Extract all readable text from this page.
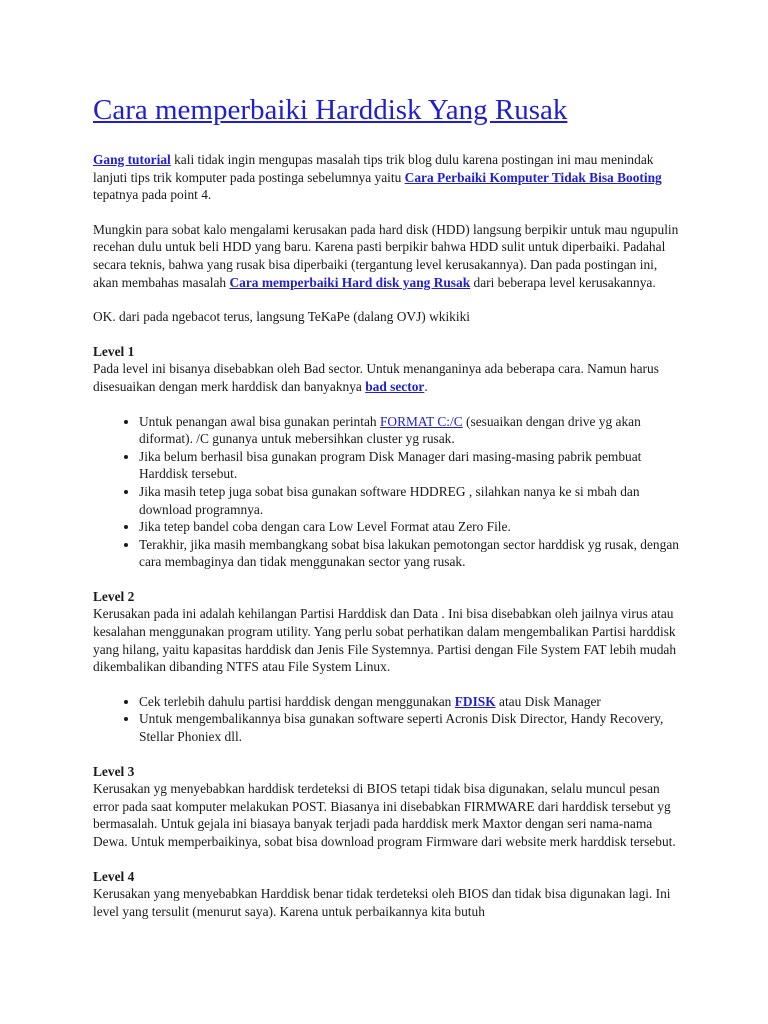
Cara memperbaiki Harddisk Yang Rusak

Gang tutorial kali tidak ingin mengupas masalah tips trik blog dulu karena postingan ini mau menindak lanjuti tips trik komputer pada postinga sebelumnya yaitu Cara Perbaiki Komputer Tidak Bisa Booting tepatnya pada point 4.

Mungkin para sobat kalo mengalami kerusakan pada hard disk (HDD) langsung berpikir untuk mau ngupulin recehan dulu untuk beli HDD yang baru. Karena pasti berpikir bahwa HDD sulit untuk diperbaiki. Padahal secara teknis, bahwa yang rusak bisa diperbaiki (tergantung level kerusakannya). Dan pada postingan ini, akan membahas masalah Cara memperbaiki Hard disk yang Rusak dari beberapa level kerusakannya.

OK. dari pada ngebacot terus, langsung TeKaPe (dalang OVJ) wkikiki

Level 1
Pada level ini bisanya disebabkan oleh Bad sector. Untuk menanganinya ada beberapa cara. Namun harus disesuaikan dengan merk harddisk dan banyaknya bad sector.

• Untuk penangan awal bisa gunakan perintah FORMAT C:/C (sesuaikan dengan drive yg akan diformat). /C gunanya untuk mebersihkan cluster yg rusak.
• Jika belum berhasil bisa gunakan program Disk Manager dari masing-masing pabrik pembuat Harddisk tersebut.
• Jika masih tetep juga sobat bisa gunakan software HDDREG , silahkan nanya ke si mbah dan download programnya.
• Jika tetep bandel coba dengan cara Low Level Format atau Zero File.
• Terakhir, jika masih membangkang sobat bisa lakukan pemotongan sector harddisk yg rusak, dengan cara membaginya dan tidak menggunakan sector yang rusak.

Level 2
Kerusakan pada ini adalah kehilangan Partisi Harddisk dan Data . Ini bisa disebabkan oleh jailnya virus atau kesalahan menggunakan program utility. Yang perlu sobat perhatikan dalam mengembalikan Partisi harddisk yang hilang, yaitu kapasitas harddisk dan Jenis File Systemnya. Partisi dengan File System FAT lebih mudah dikembalikan dibanding NTFS atau File System Linux.

• Cek terlebih dahulu partisi harddisk dengan menggunakan FDISK atau Disk Manager
• Untuk mengembalikannya bisa gunakan software seperti Acronis Disk Director, Handy Recovery, Stellar Phoniex dll.

Level 3
Kerusakan yg menyebabkan harddisk terdeteksi di BIOS tetapi tidak bisa digunakan, selalu muncul pesan error pada saat komputer melakukan POST. Biasanya ini disebabkan FIRMWARE dari harddisk tersebut yg bermasalah. Untuk gejala ini biasaya banyak terjadi pada harddisk merk Maxtor dengan seri nama-nama Dewa. Untuk memperbaikinya, sobat bisa download program Firmware dari website merk harddisk tersebut.

Level 4
Kerusakan yang menyebabkan Harddisk benar tidak terdeteksi oleh BIOS dan tidak bisa digunakan lagi. Ini level yang tersulit (menurut saya). Karena untuk perbaikannya kita butuh
